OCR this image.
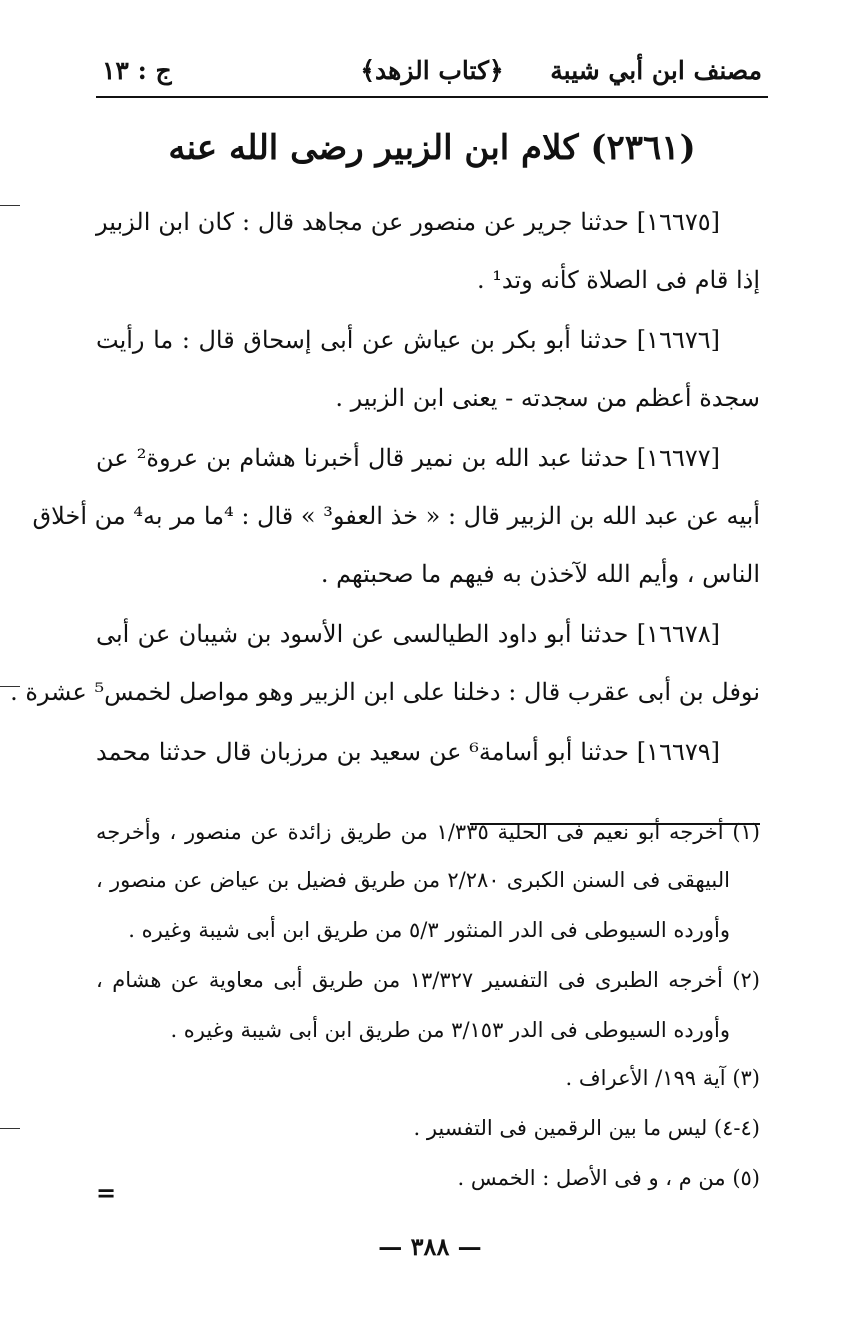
مصنف ابن أبي شيبة
﴿كتاب الزهد﴾
ج : ١٣
(٢٣٦١) كلام ابن الزبير رضى الله عنه
[١٦٦٧٥] حدثنا جرير عن منصور عن مجاهد قال : كان ابن الزبير
إذا قام فى الصلاة كأنه وتد¹ .
[١٦٦٧٦] حدثنا أبو بكر بن عياش عن أبى إسحاق قال : ما رأيت
سجدة أعظم من سجدته - يعنى ابن الزبير .
[١٦٦٧٧] حدثنا عبد الله بن نمير قال أخبرنا هشام بن عروة² عن
أبيه عن عبد الله بن الزبير قال : « خذ العفو³ » قال : ⁴ما مر به⁴ من أخلاق
الناس ، وأيم الله لآخذن به فيهم ما صحبتهم .
[١٦٦٧٨] حدثنا أبو داود الطيالسى عن الأسود بن شيبان عن أبى
نوفل بن أبى عقرب قال : دخلنا على ابن الزبير وهو مواصل لخمس⁵ عشرة .
[١٦٦٧٩] حدثنا أبو أسامة⁶ عن سعيد بن مرزبان قال حدثنا محمد
(١) أخرجه أبو نعيم فى الحلية ١/٣٣٥ من طريق زائدة عن منصور ، وأخرجه
البيهقى فى السنن الكبرى ٢/٢٨٠ من طريق فضيل بن عياض عن منصور ،
وأورده السيوطى فى الدر المنثور ٥/٣ من طريق ابن أبى شيبة وغيره .
(٢) أخرجه الطبرى فى التفسير ١٣/٣٢٧ من طريق أبى معاوية عن هشام ،
وأورده السيوطى فى الدر ٣/١٥٣ من طريق ابن أبى شيبة وغيره .
(٣) آية ١٩٩/ الأعراف .
(٤-٤) ليس ما بين الرقمين فى التفسير .
(٥) من م ، و فى الأصل : الخمس .
=
— ٣٨٨ —
